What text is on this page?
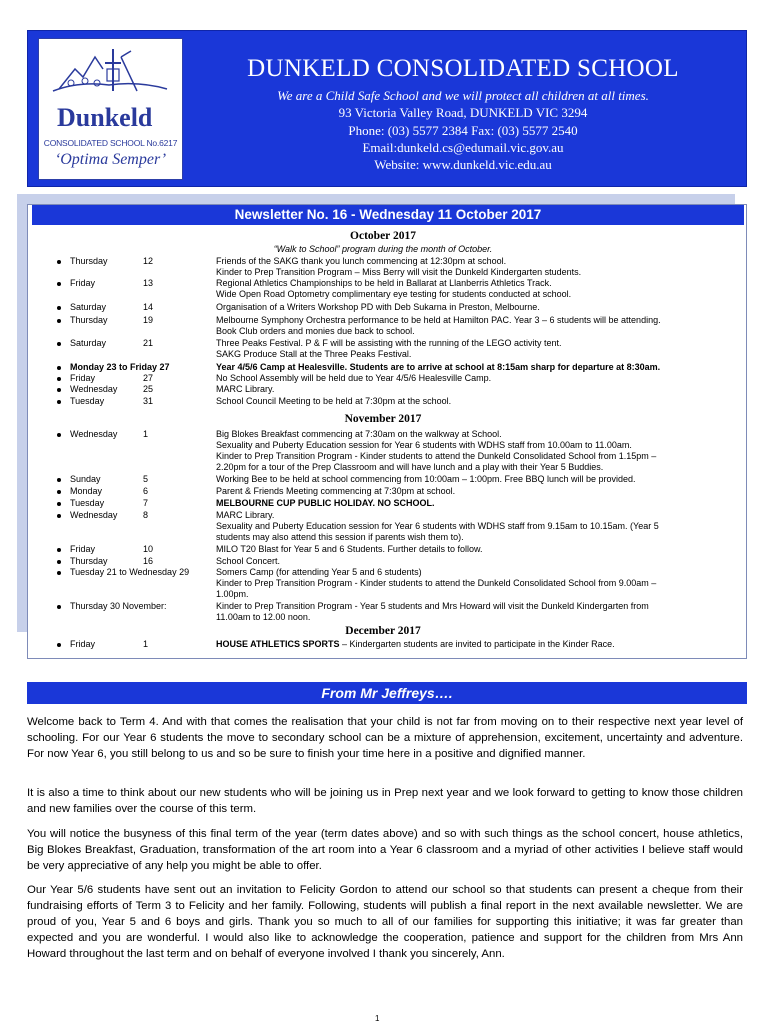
Dunkeld
CONSOLIDATED SCHOOL No.6217
‘Optima Semper’
DUNKELD CONSOLIDATED SCHOOL
We are a Child Safe School and we will protect all children at all times.
93 Victoria Valley Road, DUNKELD VIC 3294
Phone: (03) 5577 2384 Fax: (03) 5577 2540
Email:dunkeld.cs@edumail.vic.gov.au
Website: www.dunkeld.vic.edu.au
Newsletter No. 16 - Wednesday 11 October 2017
October 2017
“Walk to School” program during the month of October.
Thursday	12	Friends of the SAKG thank you lunch commencing at 12:30pm at school.
Kinder to Prep Transition Program – Miss Berry will visit the Dunkeld Kindergarten students.
Friday	13	Regional Athletics Championships to be held in Ballarat at Llanberris Athletics Track.
Wide Open Road Optometry complimentary eye testing for students conducted at school.
Saturday	14	Organisation of a Writers Workshop PD with Deb Sukarna in Preston, Melbourne.
Thursday	19	Melbourne Symphony Orchestra performance to be held at Hamilton PAC. Year 3 – 6 students will be attending.
Book Club orders and monies due back to school.
Saturday	21	Three Peaks Festival. P & F will be assisting with the running of the LEGO activity tent.
SAKG Produce Stall at the Three Peaks Festival.
Monday 23 to Friday 27	Year 4/5/6 Camp at Healesville. Students are to arrive at school at 8:15am sharp for departure at 8:30am.
Friday	27	No School Assembly will be held due to Year 4/5/6 Healesville Camp.
Wednesday	25	MARC Library.
Tuesday	31	School Council Meeting to be held at 7:30pm at the school.
November 2017
Wednesday	1	Big Blokes Breakfast commencing at 7:30am on the walkway at School.
Sexuality and Puberty Education session for Year 6 students with WDHS staff from 10.00am to 11.00am.
Kinder to Prep Transition Program - Kinder students to attend the Dunkeld Consolidated School from 1.15pm –
2.20pm for a tour of the Prep Classroom and will have lunch and a play with their Year 5 Buddies.
Sunday	5	Working Bee to be held at school commencing from 10:00am – 1:00pm. Free BBQ lunch will be provided.
Monday	6	Parent & Friends Meeting commencing at 7:30pm at school.
Tuesday	7	MELBOURNE CUP PUBLIC HOLIDAY. NO SCHOOL.
Wednesday	8	MARC Library.
Sexuality and Puberty Education session for Year 6 students with WDHS staff from 9.15am to 10.15am. (Year 5
students may also attend this session if parents wish them to).
Friday	10	MILO T20 Blast for Year 5 and 6 Students. Further details to follow.
Thursday	16	School Concert.
Tuesday 21 to Wednesday 29	Somers Camp (for attending Year 5 and 6 students)
Kinder to Prep Transition Program - Kinder students to attend the Dunkeld Consolidated School from 9.00am –
1.00pm.
Thursday 30 November:	Kinder to Prep Transition Program - Year 5 students and Mrs Howard will visit the Dunkeld Kindergarten from
11.00am to 12.00 noon.
December 2017
Friday	1	HOUSE ATHLETICS SPORTS – Kindergarten students are invited to participate in the Kinder Race.
From Mr Jeffreys….
Welcome back to Term 4. And with that comes the realisation that your child is not far from moving on to their respective next year level of schooling. For our Year 6 students the move to secondary school can be a mixture of apprehension, excitement, uncertainty and adventure. For now Year 6, you still belong to us and so be sure to finish your time here in a positive and dignified manner.
It is also a time to think about our new students who will be joining us in Prep next year and we look forward to getting to know those children and new families over the course of this term.
You will notice the busyness of this final term of the year (term dates above) and so with such things as the school concert, house athletics, Big Blokes Breakfast, Graduation, transformation of the art room into a Year 6 classroom and a myriad of other activities I believe staff would be very appreciative of any help you might be able to offer.
Our Year 5/6 students have sent out an invitation to Felicity Gordon to attend our school so that students can present a cheque from their fundraising efforts of Term 3 to Felicity and her family. Following, students will publish a final report in the next available newsletter. We are proud of you, Year 5 and 6 boys and girls. Thank you so much to all of our families for supporting this initiative; it was far greater than expected and you are wonderful. I would also like to acknowledge the cooperation, patience and support for the children from Mrs Ann Howard throughout the last term and on behalf of everyone involved I thank you sincerely, Ann.
1
